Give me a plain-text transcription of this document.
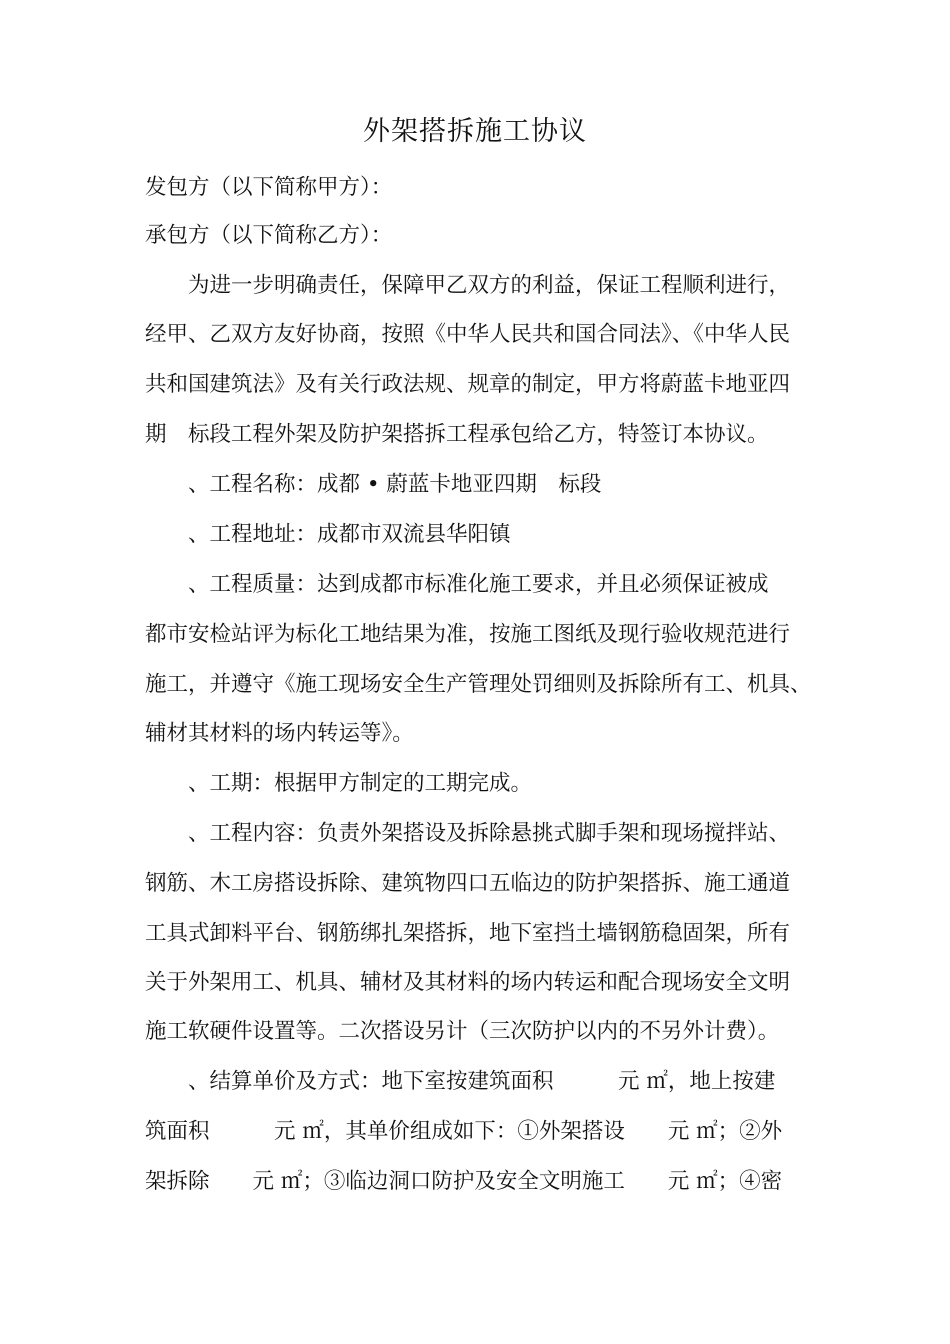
外架搭拆施工协议
发包方（以下简称甲方）：
承包方（以下简称乙方）：
为进一步明确责任，保障甲乙双方的利益，保证工程顺利进行，
经甲、乙双方友好协商，按照《中华人民共和国合同法》、《中华人民
共和国建筑法》及有关行政法规、规章的制定，甲方将蔚蓝卡地亚四
期　标段工程外架及防护架搭拆工程承包给乙方，特签订本协议。
、工程名称：成都 • 蔚蓝卡地亚四期　标段
、工程地址：成都市双流县华阳镇
、工程质量：达到成都市标准化施工要求，并且必须保证被成
都市安检站评为标化工地结果为准，按施工图纸及现行验收规范进行
施工，并遵守《施工现场安全生产管理处罚细则及拆除所有工、机具、
辅材其材料的场内转运等》。
、工期：根据甲方制定的工期完成。
、工程内容：负责外架搭设及拆除悬挑式脚手架和现场搅拌站、
钢筋、木工房搭设拆除、建筑物四口五临边的防护架搭拆、施工通道
工具式卸料平台、钢筋绑扎架搭拆，地下室挡土墙钢筋稳固架，所有
关于外架用工、机具、辅材及其材料的场内转运和配合现场安全文明
施工软硬件设置等。二次搭设另计（三次防护以内的不另外计费）。
、结算单价及方式：地下室按建筑面积　　　元 ㎡，地上按建
筑面积　　　元 ㎡，其单价组成如下：①外架搭设　　元 ㎡；②外
架拆除　　元 ㎡；③临边洞口防护及安全文明施工　　元 ㎡；④密
